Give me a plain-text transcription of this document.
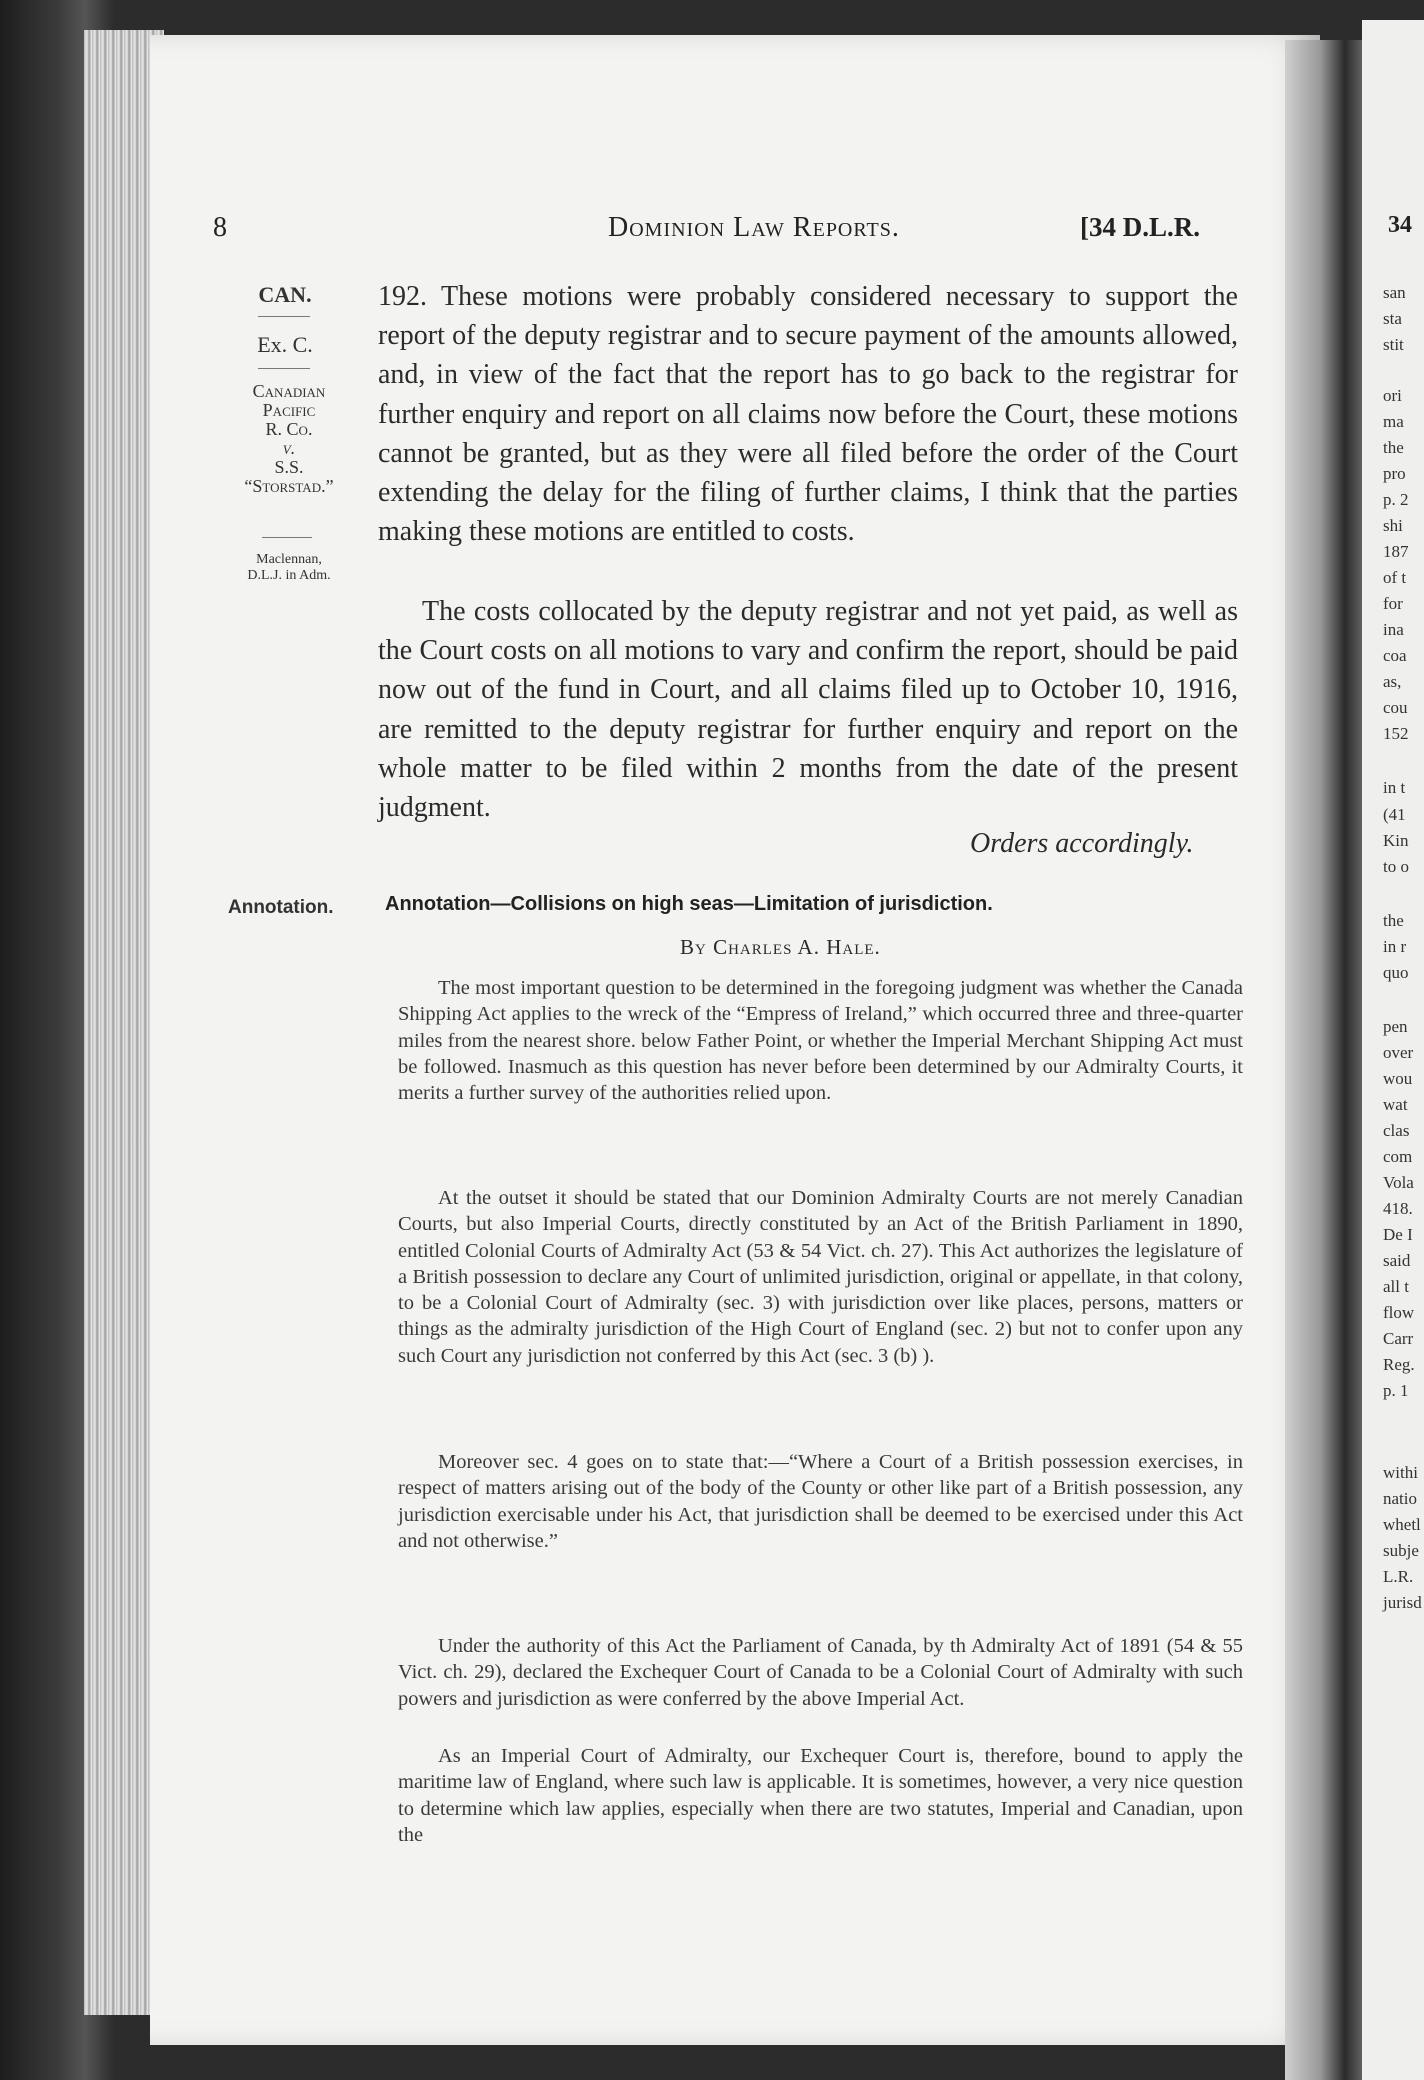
8	Dominion Law Reports.	[34 D.L.R.
CAN.
Ex. C.
Canadian
Pacific
R. Co.
v.
S.S.
“Storstad.”
Maclennan,
D.L.J. in Adm.
Annotation.
192. These motions were probably considered necessary to support the report of the deputy registrar and to secure payment of the amounts allowed, and, in view of the fact that the report has to go back to the registrar for further enquiry and report on all claims now before the Court, these motions cannot be granted, but as they were all filed before the order of the Court extending the delay for the filing of further claims, I think that the parties making these motions are entitled to costs.
The costs collocated by the deputy registrar and not yet paid, as well as the Court costs on all motions to vary and confirm the report, should be paid now out of the fund in Court, and all claims filed up to October 10, 1916, are remitted to the deputy registrar for further enquiry and report on the whole matter to be filed within 2 months from the date of the present judgment.
Orders accordingly.
Annotation—Collisions on high seas—Limitation of jurisdiction.
By Charles A. Hale.
The most important question to be determined in the foregoing judgment was whether the Canada Shipping Act applies to the wreck of the “Empress of Ireland,” which occurred three and three-quarter miles from the nearest shore. below Father Point, or whether the Imperial Merchant Shipping Act must be followed. Inasmuch as this question has never before been determined by our Admiralty Courts, it merits a further survey of the authorities relied upon.
At the outset it should be stated that our Dominion Admiralty Courts are not merely Canadian Courts, but also Imperial Courts, directly constituted by an Act of the British Parliament in 1890, entitled Colonial Courts of Admiralty Act (53 & 54 Vict. ch. 27). This Act authorizes the legislature of a British possession to declare any Court of unlimited jurisdiction, original or appellate, in that colony, to be a Colonial Court of Admiralty (sec. 3) with jurisdiction over like places, persons, matters or things as the admiralty jurisdiction of the High Court of England (sec. 2) but not to confer upon any such Court any jurisdiction not conferred by this Act (sec. 3 (b) ).
Moreover sec. 4 goes on to state that:—“Where a Court of a British possession exercises, in respect of matters arising out of the body of the County or other like part of a British possession, any jurisdiction exercisable under his Act, that jurisdiction shall be deemed to be exercised under this Act and not otherwise.”
Under the authority of this Act the Parliament of Canada, by th Admiralty Act of 1891 (54 & 55 Vict. ch. 29), declared the Exchequer Court of Canada to be a Colonial Court of Admiralty with such powers and jurisdiction as were conferred by the above Imperial Act.
As an Imperial Court of Admiralty, our Exchequer Court is, therefore, bound to apply the maritime law of England, where such law is applicable. It is sometimes, however, a very nice question to determine which law applies, especially when there are two statutes, Imperial and Canadian, upon the
34
san
sta
stit
ori
ma
the
pro
p. 2
shi
187
of t
for
ina
coa
as,
cou
152
in t
(41
Kin
to o
the
in r
quo
pen
over
wou
wat
clas
com
Vola
418.
De I
said
all t
flow
Carr
Reg.
p. 1
withi
natio
whetl
subje
L.R.
jurisd
